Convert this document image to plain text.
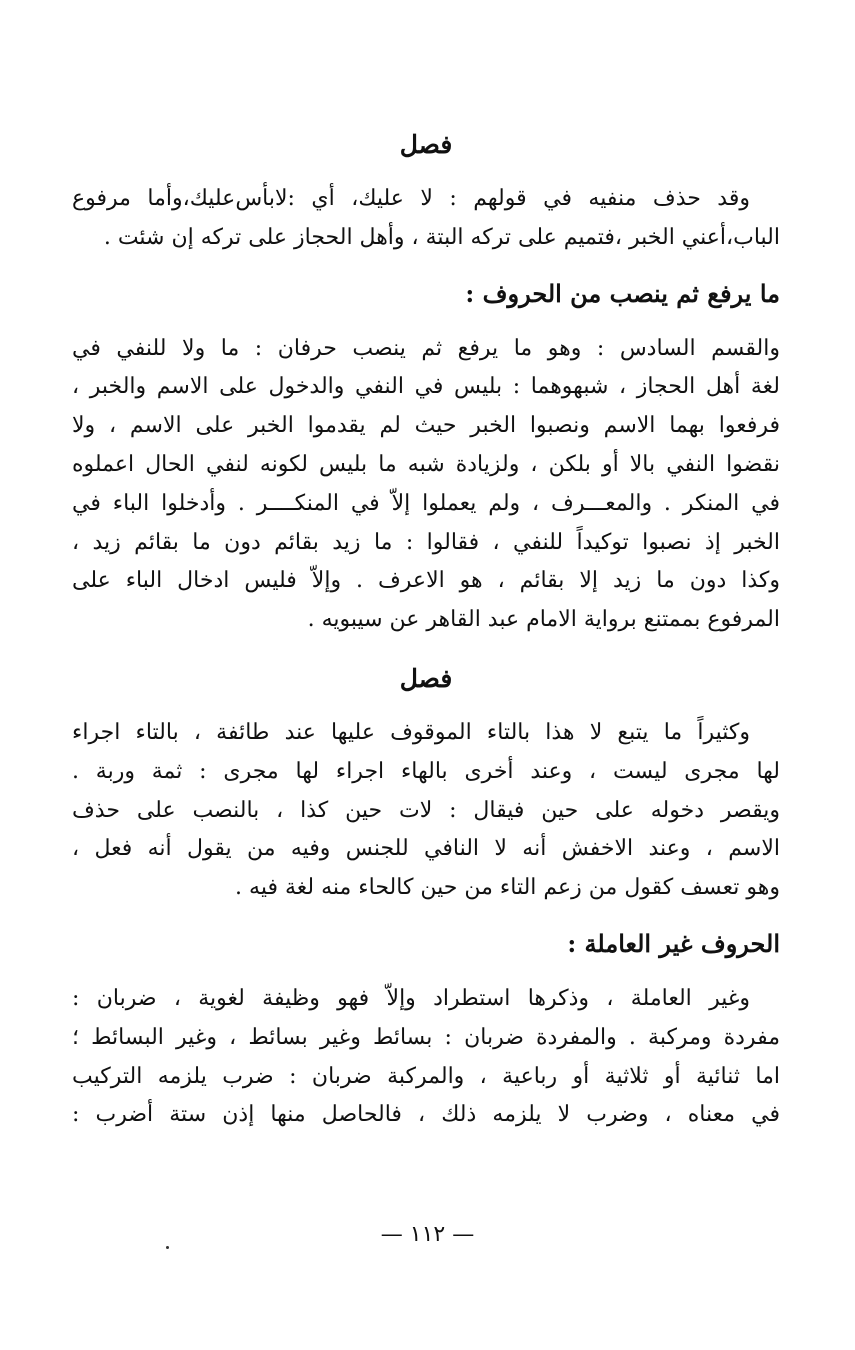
فصل
وقد حذف منفيه في قولهم : لا عليك، أي :لابأس‌عليك،وأما مرفوع
الباب،أعني الخبر ،فتميم على تركه البتة ، وأهل الحجاز على تركه إن شئت .
ما يرفع ثم ينصب من الحروف :
والقسم السادس : وهو ما يرفع ثم ينصب حرفان : ما ولا للنفي في
لغة أهل الحجاز ، شبهوهما : بليس في النفي والدخول على الاسم والخبر ،
فرفعوا بهما الاسم ونصبوا الخبر حيث لم يقدموا الخبر على الاسم ، ولا
نقضوا النفي بالا أو بلكن ، ولزيادة شبه ما بليس لكونه لنفي الحال اعملوه
في المنكر . والمعـــرف ، ولم يعملوا إلاّ في المنكــــر . وأدخلوا الباء في
الخبر إذ نصبوا توكيداً للنفي ، فقالوا : ما زيد بقائم دون ما بقائم زيد ،
وكذا دون ما زيد إلا بقائم ، هو الاعرف . وإلاّ فليس ادخال الباء على
المرفوع بممتنع برواية الامام عبد القاهر عن سيبويه .
فصل
وكثيراً ما يتبع لا هذا بالتاء الموقوف عليها عند طائفة ، بالتاء اجراء
لها مجرى ليست ، وعند أخرى بالهاء اجراء لها مجرى : ثمة وربة .
ويقصر دخوله على حين فيقال : لات حين كذا ، بالنصب على حذف
الاسم ، وعند الاخفش أنه لا النافي للجنس وفيه من يقول أنه فعل ،
وهو تعسف كقول من زعم التاء من حين كالحاء منه لغة فيه .
الحروف غير العاملة :
وغير العاملة ، وذكرها استطراد وإلاّ فهو وظيفة لغوية ، ضربان :
مفردة ومركبة . والمفردة ضربان : بسائط وغير بسائط ، وغير البسائط ؛
اما ثنائية أو ثلاثية أو رباعية ، والمركبة ضربان : ضرب يلزمه التركيب
في معناه ، وضرب لا يلزمه ذلك ، فالحاصل منها إذن ستة أضرب :
— ١١٢ —
